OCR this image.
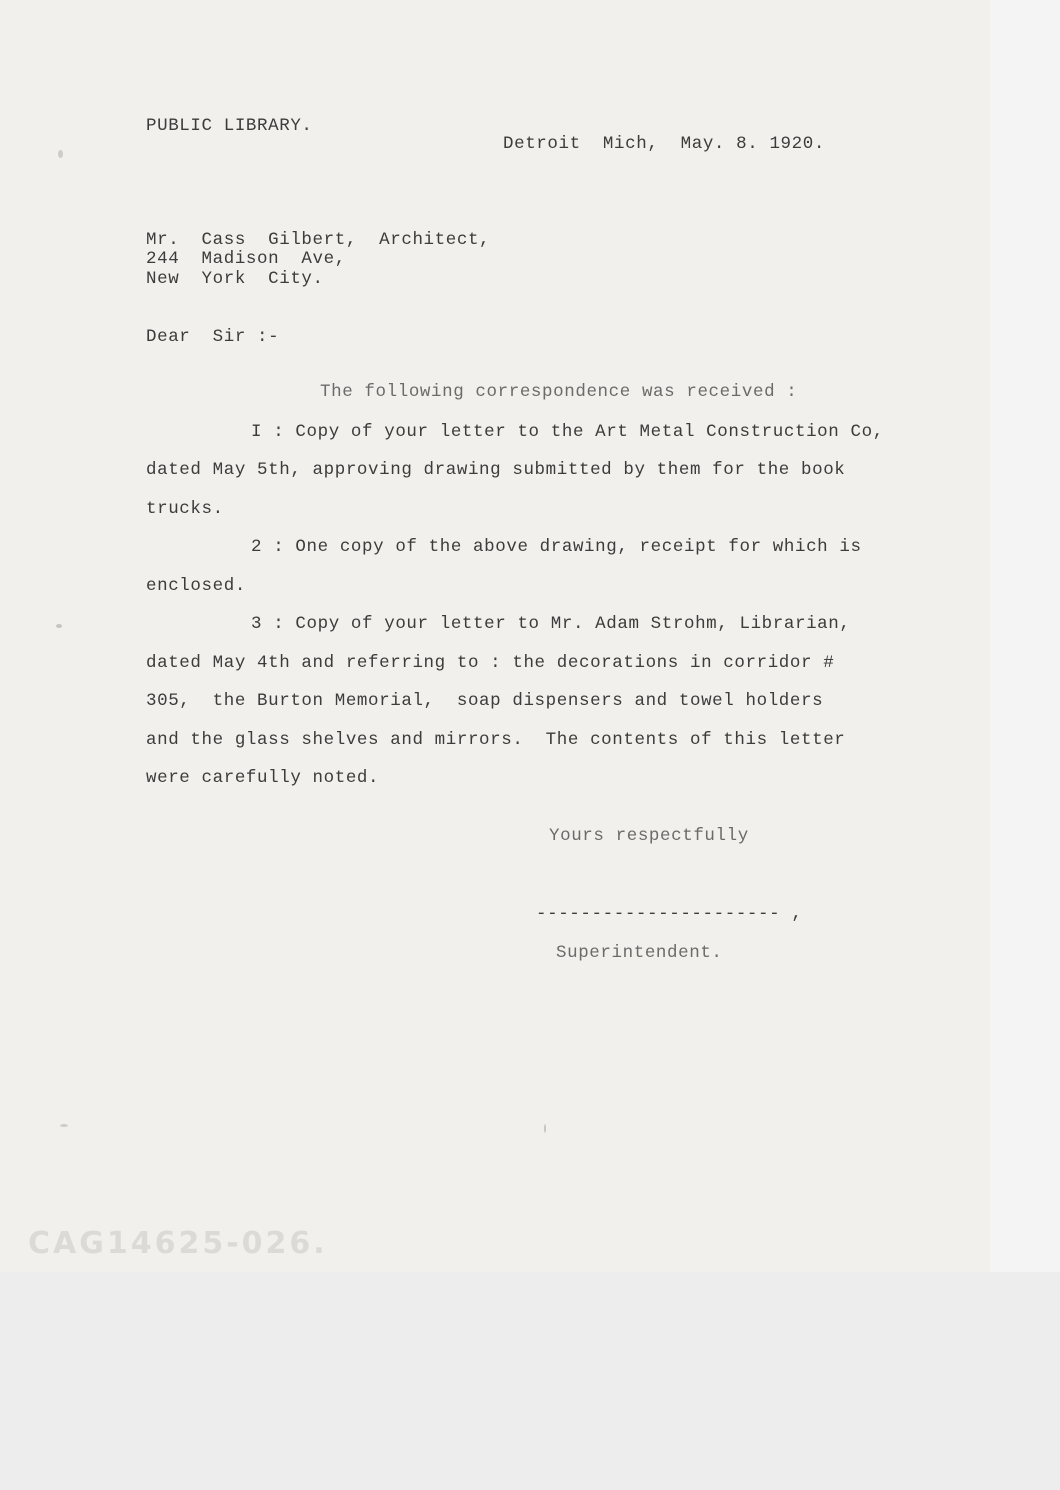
PUBLIC LIBRARY.
Detroit  Mich,  May. 8. 1920.
Mr.  Cass  Gilbert,  Architect,
244  Madison  Ave,
New  York  City.
Dear  Sir :-
The following correspondence was received :
I : Copy of your letter to the Art Metal Construction Co,
dated May 5th, approving drawing submitted by them for the book
trucks.
2 : One copy of the above drawing, receipt for which is
enclosed.
3 : Copy of your letter to Mr. Adam Strohm, Librarian,
dated May 4th and referring to : the decorations in corridor #
305,  the Burton Memorial,  soap dispensers and towel holders
and the glass shelves and mirrors.  The contents of this letter
were carefully noted.
Yours respectfully
---------------------- ,
Superintendent.
CAG14625-026.
